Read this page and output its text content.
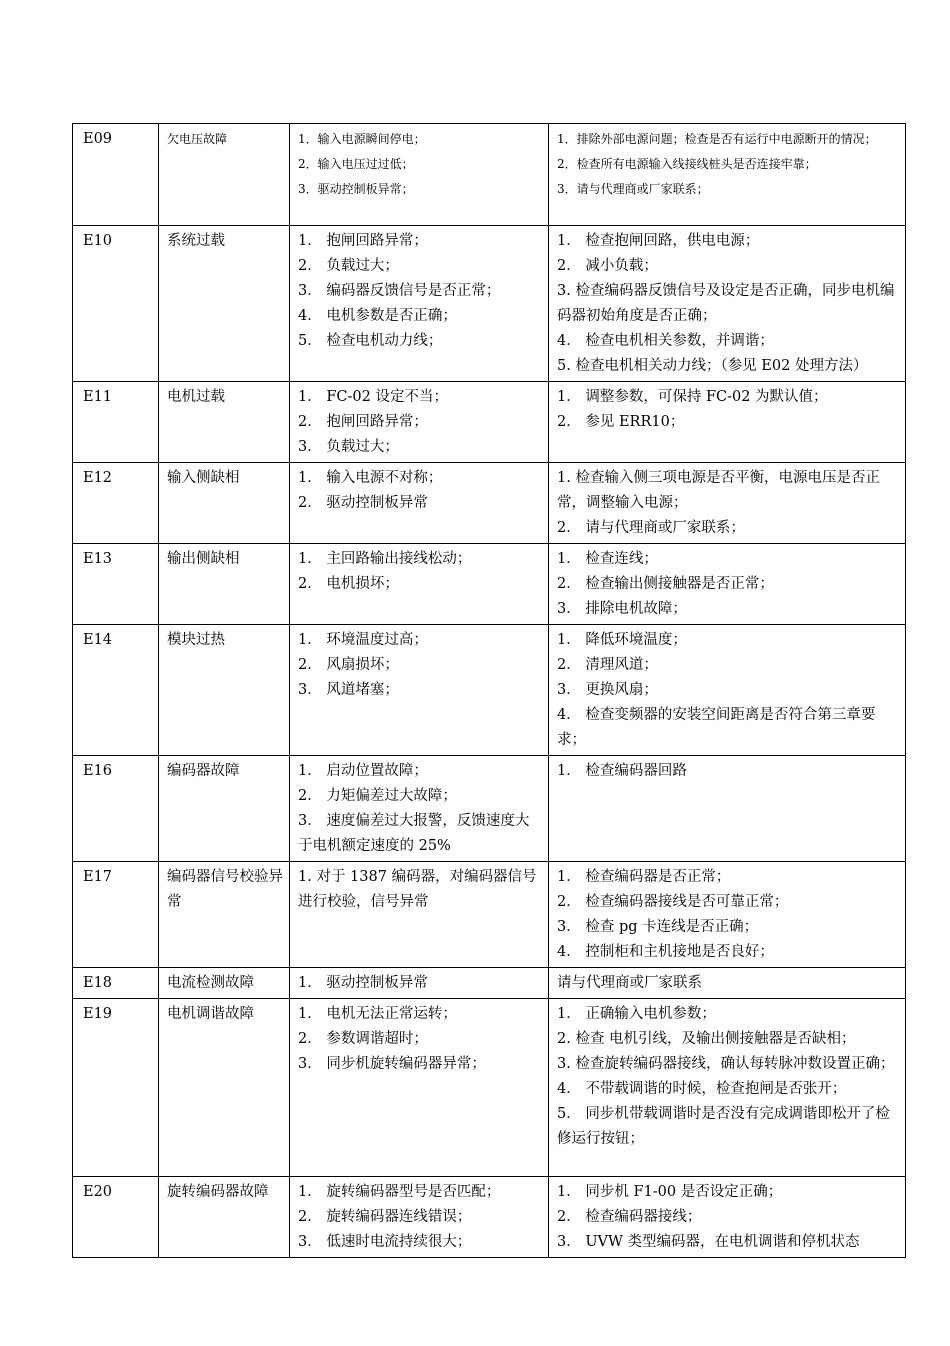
E09	欠电压故障	1．输入电源瞬间停电；
2．输入电压过过低；
3．驱动控制板异常；	1．排除外部电源问题；检查是否有运行中电源断开的情况；
2．检查所有电源输入线接线桩头是否连接牢靠；
3．请与代理商或厂家联系；

E10	系统过载	1． 抱闸回路异常；
2． 负载过大；
3． 编码器反馈信号是否正常；
4． 电机参数是否正确；
5． 检查电机动力线；	1． 检查抱闸回路，供电电源；
2． 减小负载；
3. 检查编码器反馈信号及设定是否正确，同步电机编码器初始角度是否正确；
4． 检查电机相关参数，并调谐；
5. 检查电机相关动力线；（参见 E02 处理方法）

E11	电机过载	1． FC-02 设定不当；
2． 抱闸回路异常；
3． 负载过大；	1． 调整参数，可保持 FC-02 为默认值；
2． 参见 ERR10；

E12	输入侧缺相	1． 输入电源不对称；
2． 驱动控制板异常	1. 检查输入侧三项电源是否平衡，电源电压是否正常，调整输入电源；
2． 请与代理商或厂家联系；

E13	输出侧缺相	1． 主回路输出接线松动；
2． 电机损坏；	1． 检查连线；
2． 检查输出侧接触器是否正常；
3． 排除电机故障；

E14	模块过热	1． 环境温度过高；
2． 风扇损坏；
3． 风道堵塞；	1． 降低环境温度；
2． 清理风道；
3． 更换风扇；
4． 检查变频器的安装空间距离是否符合第三章要求；

E16	编码器故障	1． 启动位置故障；
2． 力矩偏差过大故障；
3． 速度偏差过大报警，反馈速度大于电机额定速度的 25%	1． 检查编码器回路

E17	编码器信号校验异常	1. 对于 1387 编码器，对编码器信号进行校验，信号异常	1． 检查编码器是否正常；
2． 检查编码器接线是否可靠正常；
3． 检查 pg 卡连线是否正确；
4． 控制柜和主机接地是否良好；

E18	电流检测故障	1． 驱动控制板异常	请与代理商或厂家联系

E19	电机调谐故障	1． 电机无法正常运转；
2． 参数调谐超时；
3． 同步机旋转编码器异常；	1． 正确输入电机参数；
2. 检查 电机引线，及输出侧接触器是否缺相；
3. 检查旋转编码器接线，确认每转脉冲数设置正确；
4． 不带载调谐的时候，检查抱闸是否张开；
5． 同步机带载调谐时是否没有完成调谐即松开了检修运行按钮；

E20	旋转编码器故障	1． 旋转编码器型号是否匹配；
2． 旋转编码器连线错误；
3． 低速时电流持续很大；	1． 同步机 F1-00 是否设定正确；
2． 检查编码器接线；
3． UVW 类型编码器，在电机调谐和停机状态
